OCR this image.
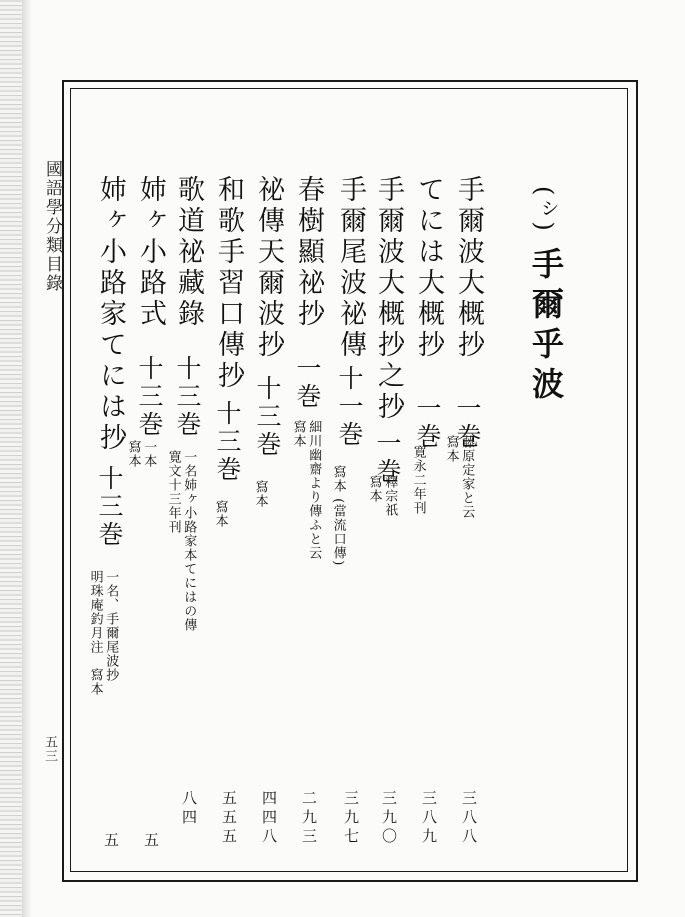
國語學分類目錄
五三
(ㇱ)
手爾乎波
手爾波大概抄
一巻
藤原定家と云
寫本
三八八
てには大概抄
一巻
寛永二年刊
三八九
手爾波大概抄之抄
一巻
釋宗祇
寫本
三九〇
手爾尾波祕傳
十一巻
寫本 (當流口傳)
三九七
春樹顯祕抄
一巻
細川幽齋より傳ふと云
寫本
二九三
祕傳天爾波抄
十三巻
寫本
四四八
和歌手習口傳抄
十三巻
寫本
五五五
歌道祕藏錄
十三巻
一名姉ヶ小路家本てにはの傳
寛文十三年刊
八四
姉ヶ小路式
十三巻
一本
寫本
五
姉ヶ小路家てには抄
十三巻
一名、手爾尾波抄
明珠庵釣月注　寫本
五
